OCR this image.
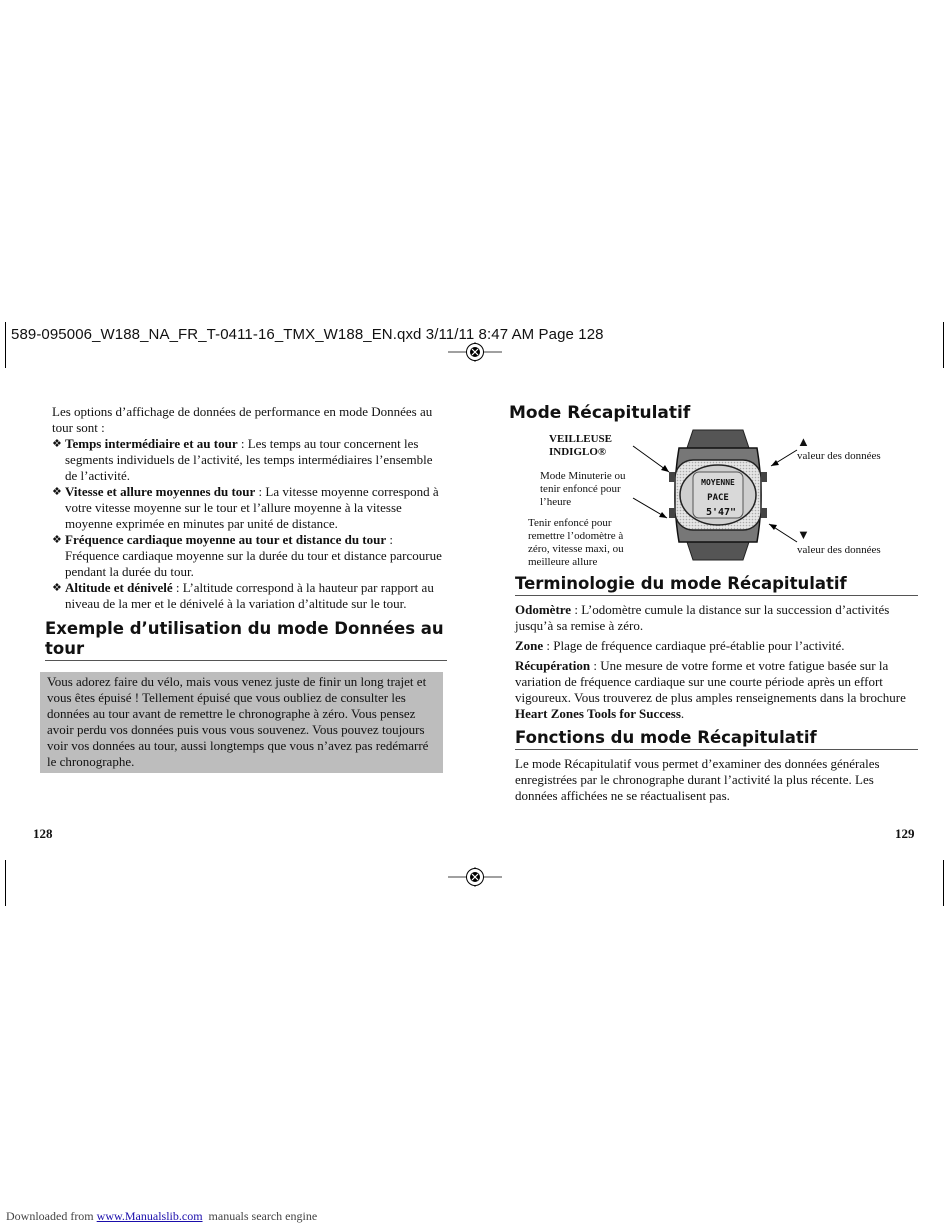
589-095006_W188_NA_FR_T-0411-16_TMX_W188_EN.qxd 3/11/11 8:47 AM Page 128

Les options d’affichage de données de performance en mode Données au tour sont :

❖ Temps intermédiaire et au tour : Les temps au tour concernent les segments individuels de l’activité, les temps intermédiaires l’ensemble de l’activité.
❖ Vitesse et allure moyennes du tour : La vitesse moyenne correspond à votre vitesse moyenne sur le tour et l’allure moyenne à la vitesse moyenne exprimée en minutes par unité de distance.
❖ Fréquence cardiaque moyenne au tour et distance du tour : Fréquence cardiaque moyenne sur la durée du tour et distance parcourue pendant la durée du tour.
❖ Altitude et dénivelé : L’altitude correspond à la hauteur par rapport au niveau de la mer et le dénivelé à la variation d’altitude sur le tour.
Exemple d’utilisation du mode Données au tour
Vous adorez faire du vélo, mais vous venez juste de finir un long trajet et vous êtes épuisé ! Tellement épuisé que vous oubliez de consulter les données au tour avant de remettre le chronographe à zéro. Vous pensez avoir perdu vos données puis vous vous souvenez. Vous pouvez toujours voir vos données au tour, aussi longtemps que vous n’avez pas redémarré le chronographe.
128
Mode Récapitulatif
VEILLEUSE INDIGLO®
Mode Minuterie ou tenir enfoncé pour l’heure
Tenir enfoncé pour remettre l’odomètre à zéro, vitesse maxi, ou meilleure allure
▲
valeur des données
▼
valeur des données
MOYENNE
PACE
5'47"
Terminologie du mode Récapitulatif

Odomètre : L’odomètre cumule la distance sur la succession d’activités jusqu’à sa remise à zéro.

Zone : Plage de fréquence cardiaque pré-établie pour l’activité.

Récupération : Une mesure de votre forme et votre fatigue basée sur la variation de fréquence cardiaque sur une courte période après un effort vigoureux. Vous trouverez de plus amples renseignements dans la brochure Heart Zones Tools for Success.

Fonctions du mode Récapitulatif

Le mode Récapitulatif vous permet d’examiner des données générales enregistrées par le chronographe durant l’activité la plus récente. Les données affichées ne se réactualisent pas.

129
Downloaded from www.Manualslib.com  manuals search engine
